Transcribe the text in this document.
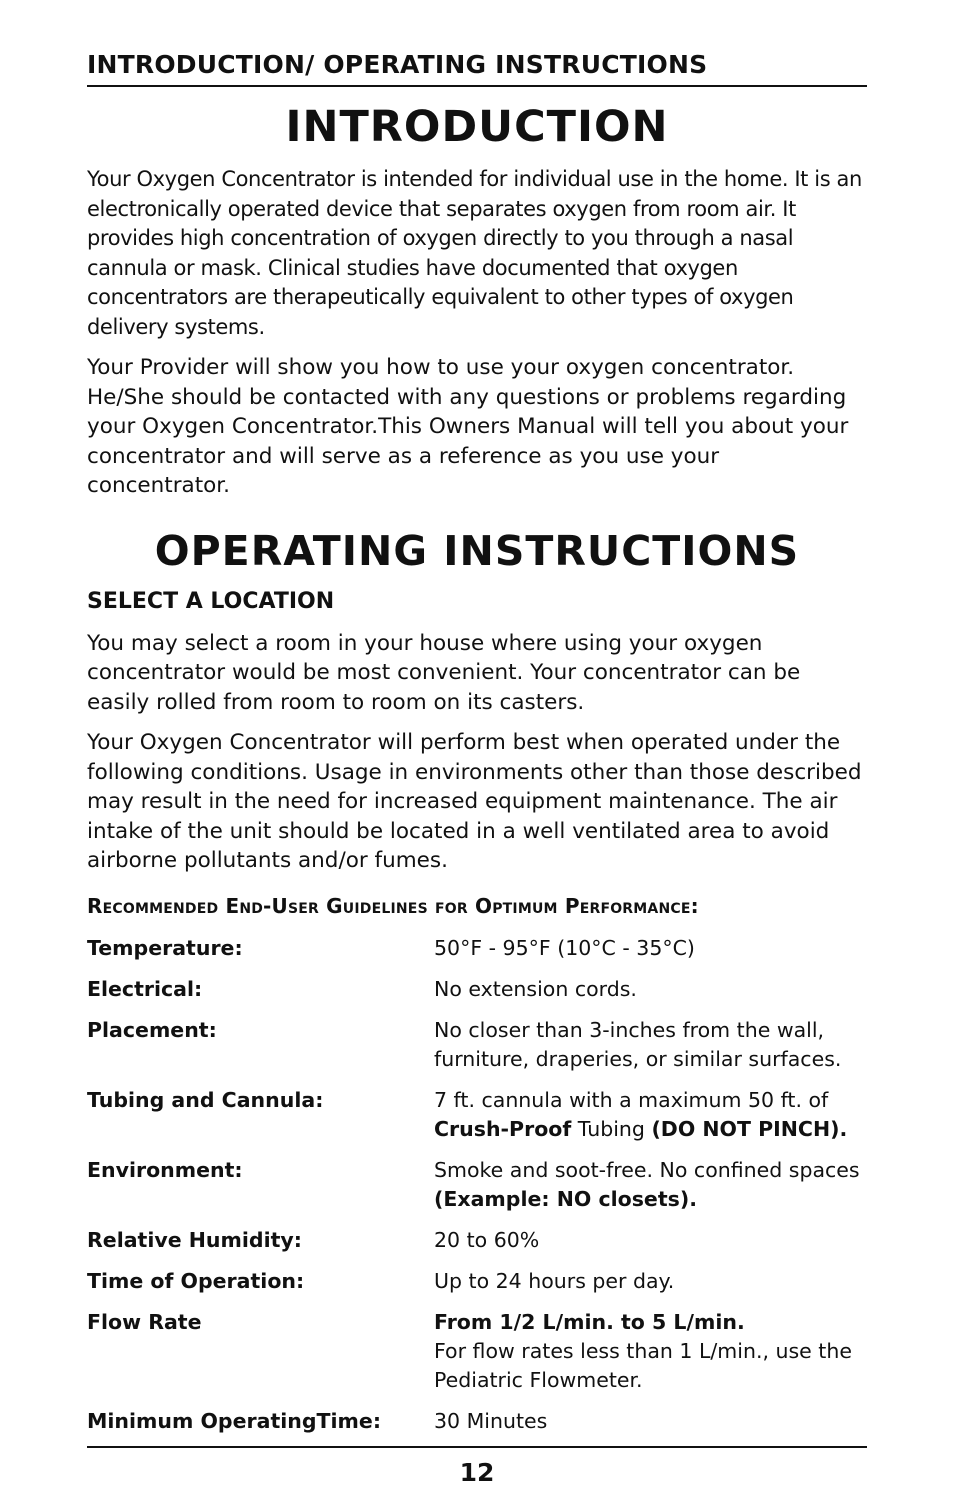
INTRODUCTION/ OPERATING INSTRUCTIONS
INTRODUCTION

Your Oxygen Concentrator is intended for individual use in the home. It is an electronically operated device that separates oxygen from room air. It provides high concentration of oxygen directly to you through a nasal cannula or mask. Clinical studies have documented that oxygen concentrators are therapeutically equivalent to other types of oxygen delivery systems.

Your Provider will show you how to use your oxygen concentrator. He/She should be contacted with any questions or problems regarding your Oxygen Concentrator.This Owners Manual will tell you about your concentrator and will serve as a reference as you use your concentrator.

OPERATING INSTRUCTIONS
SELECT A LOCATION

You may select a room in your house where using your oxygen concentrator would be most convenient. Your concentrator can be easily rolled from room to room on its casters.

Your Oxygen Concentrator will perform best when operated under the following conditions. Usage in environments other than those described may result in the need for increased equipment maintenance. The air intake of the unit should be located in a well ventilated area to avoid airborne pollutants and/or fumes.

Recommended End-User Guidelines for Optimum Performance:
Temperature:	50°F - 95°F (10°C - 35°C)
Electrical:	No extension cords.
Placement:	No closer than 3-inches from the wall, furniture, draperies, or similar surfaces.
Tubing and Cannula:	7 ft. cannula with a maximum 50 ft. of
Crush-Proof Tubing (DO NOT PINCH).
Environment:	Smoke and soot-free. No confined spaces
(Example: NO closets).
Relative Humidity:	20 to 60%
Time of Operation:	Up to 24 hours per day.
Flow Rate	From 1/2 L/min. to 5 L/min.
For flow rates less than 1 L/min., use the Pediatric Flowmeter.
Minimum OperatingTime:	30 Minutes
12
